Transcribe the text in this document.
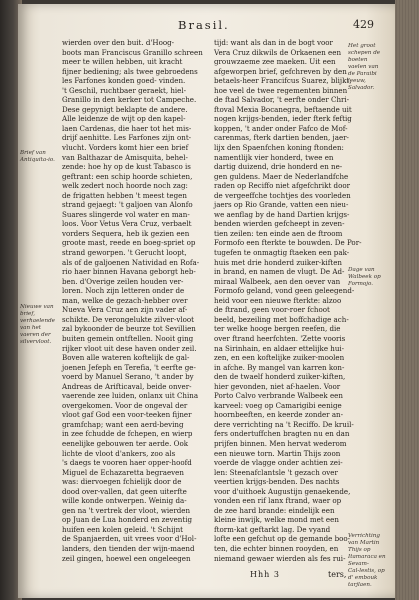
Brasil.	429
Brief van Antiquita‑io.
Nieuwe van brief, verhaelende van het vaeren der silvervloot.
Het groot schepen de boeten vaelen van de Paraibi leeuw, Salvador.
Dage van Walbeek op Formojo.
Verrichting van Martin Thijs op Itamaraca en Sevam-Cal‑lestis, op d' embouk tarjlaen.
wierden over den buit. d'Hoog-
boots man Franciscus Granillo schreen
meer te willen hebben, uit kracht
fijner bediening; als twee gebroedens
les Farfones konden goed- vinden.
't Geschil, ruchtbaer geraekt, hiel-
Granillo in den kerker tot Campeche.
Dese gepynigt beklapte de andere.
Alle leidenze de wijt op den kapel-
laen Cardenas, die haer tot het mis-
drijf aenhitte. Les Farfones zijn ont-
vlucht. Vorders komt hier een brief
van Balthazar de Amisquita, behel-
zende: hoe hy op de kust Tabasco is
geftrant: een schip hoorde schieten,
welk zedert noch hoorde noch zag:
de frigatten hebben 't meest tegen
strand gejaegt: 't galjoen van Alonfo
Suares slingerde vol water en man-
loos. Voor Vetus Vera Cruz, verbaelt
vorders Sequera, heb ik gezien een
groote mast, reede en boeg-spriet op
strand geworpen. 't Gerucht loopt,
als of de galjoenen Natividad en Rofa-
rio haer binnen Havana geborgt heb-
ben. d'Overige zeilen houden ver-
loren. Noch zijn letteren onder de
man, welke de gezach-hebber over
Nueva Vera Cruz aen zijn vader af-
schikte. De verongelukte zilver-vloot
zal bykoonder de beurze tot Sevillien
buiten gemein ontftellen. Nooit ging
rijker vloot uit dese haven onder zeil.
Boven alle wateren koftelijk de gal-
joenen Jefeph en Terefia, 't eerfte ge-
voerd by Manuel Serano, 't ander by
Andreas de Arifticaval, beide onver-
vaerende zee luiden, onlanx uit China
overgekomen. Voor de ongeval der
vloot gaf God een voor-teeken fijner
gramfchap; want een aerd-beving
in zee fchudde de fchepen, en wierp
eenelijke gebouwen ter aerde. Ook
lichte de vloot d'ankers, zoo als
's daegs te vooren haer opper-hoofd
Miguel de Echazaretta begraeven
was: diervoegen fchielijk door de
dood over-vallen, dat geen uiterfte
wille konde ontwerpen. Weinig da-
gen na 't vertrek der vloot, wierden
op Juan de Lua honderd en zeventig
huifen een kolen geleid. 't Schijnt
de Spanjaerden, uit vrees voor d'Hol-
landers, den tienden der wijn-maend
zeil gingen, hoewel een ongeleegen
tijd: want als dan in de bogt voor
Vera Cruz dikwils de Orkaenen een
grouwzaeme zee maeken. Uit een
afgeworpen brief, gefchreven by den
betaels-heer Francifcus Suarez, blijkt,
hoe veel de twee regementen binnen
de ftad Salvador, 't eerfte onder Chri-
ftoval Mexia Bocanegra, beftaende uit
nogen krijgs-benden, ieder fterk feftig
koppen, 't ander onder Fafco de Mof-
carenmas, fterk dartien benden, jaer-
lijx den Spaenfchen koning ftonden:
namentlijk vier honderd, twee en
dartig duizend, drie honderd en ne-
gen guldens. Maer de Nederlandfche
raden op Reciffo niet afgefchrikt door
de vergeeffche tochtjes des voorleden
jaers op Rio Grande, vatten een nieu-
we aenflag by de hand Dartien krijgs-
benden wierden gefcheept in zeven-
tien zeilen: ten einde aen de ftroom
Formofo een fterkte te bouwden. De Por-
tugefen te onmagtig ftaeken een pak-
huis met drie honderd zuiker-kiften
in brand, en namen de vlugt. De Ad-
miraal Walbeek, aen den oever van
Formofo geland, vond geen geleegend-
heid voor een nieuwe fterkte: alzoo
de ftrand, geen voor-roer fchoot
beeld, bezeiling met boffchadige ach-
ter welke hooge bergen reefen, die
over ftrand heerfchten. 'Zette vooris
na Sirinhain, en aldaer ettelijke hui-
zen, en een koftelijke zuiker-moolen
in afche. By mangel van karren kon-
den de twaelf honderd zuiker-kiften,
hier gevonden, niet af-haelen. Voor
Porto Calvo verbrande Walbeek een
karveel: voeg op Camarigibi eenige
hoornbeeften, en keerde zonder an-
dere verrichting na 't Reciffo. De kruil-
fers ondertuffchen bragten nu en dan
prijfen binnen. Men hervat wederom
een nieuwe torn. Martin Thijs zoon
voerde de vlagge onder achtien zei-
len: Steenafclantsle 't gezach over
veertien krijgs-benden. Des nachts
voor d'uithoek Augustijn genaekende,
vonden een rif lanx ftrand, waer op
de zee hard brande: eindelijk een
kleine inwijk, welke mond met een
ftorm-kat geftarkt lag. De vyand
lofte een gefchut op de gemande boo-
ten, die echter binnen rooyden, en
niemand gewaer wierden als fes rui-
Hhh 3	ters,
